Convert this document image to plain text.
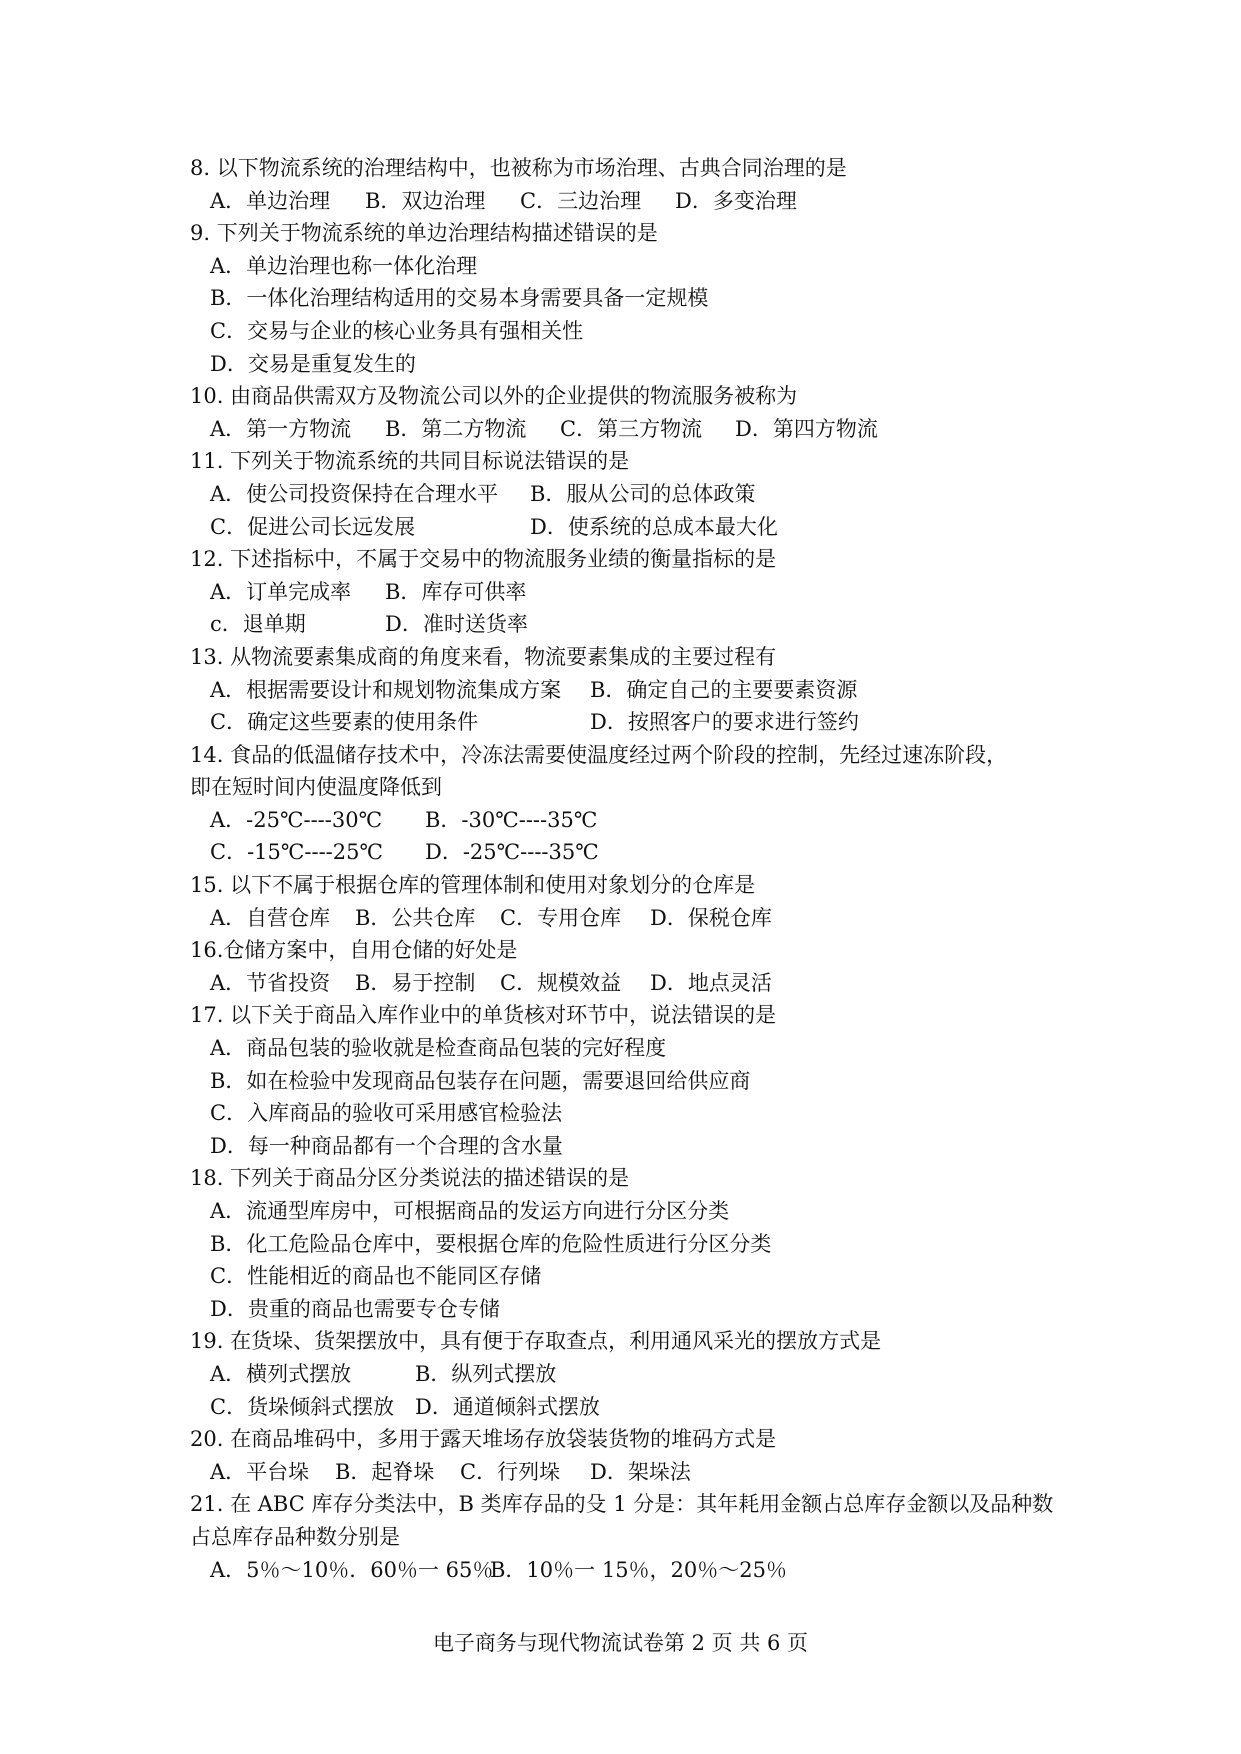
8. 以下物流系统的治理结构中，也被称为市场治理、古典合同治理的是
A．单边治理	B．双边治理	C．三边治理	D．多变治理
9. 下列关于物流系统的单边治理结构描述错误的是
A．单边治理也称一体化治理
B．一体化治理结构适用的交易本身需要具备一定规模
C．交易与企业的核心业务具有强相关性
D．交易是重复发生的
10. 由商品供需双方及物流公司以外的企业提供的物流服务被称为
A．第一方物流	B．第二方物流	C．第三方物流	D．第四方物流
11. 下列关于物流系统的共同目标说法错误的是
A．使公司投资保持在合理水平	B．服从公司的总体政策
C．促进公司长远发展	D．使系统的总成本最大化
12. 下述指标中，不属于交易中的物流服务业绩的衡量指标的是
A．订单完成率	B．库存可供率
c．退单期	D．准时送货率
13. 从物流要素集成商的角度来看，物流要素集成的主要过程有
A．根据需要设计和规划物流集成方案	B．确定自己的主要要素资源
C．确定这些要素的使用条件	D．按照客户的要求进行签约
14. 食品的低温储存技术中，冷冻法需要使温度经过两个阶段的控制，先经过速冻阶段，
即在短时间内使温度降低到
A．-25℃----30℃	B．-30℃----35℃
C．-15℃----25℃	D．-25℃----35℃
15. 以下不属于根据仓库的管理体制和使用对象划分的仓库是
A．自营仓库	B．公共仓库	C．专用仓库	D．保税仓库
16.仓储方案中，自用仓储的好处是
A．节省投资	B．易于控制	C．规模效益	D．地点灵活
17. 以下关于商品入库作业中的单货核对环节中，说法错误的是
A．商品包装的验收就是检查商品包装的完好程度
B．如在检验中发现商品包装存在问题，需要退回给供应商
C．入库商品的验收可采用感官检验法
D．每一种商品都有一个合理的含水量
18. 下列关于商品分区分类说法的描述错误的是
A．流通型库房中，可根据商品的发运方向进行分区分类
B．化工危险品仓库中，要根据仓库的危险性质进行分区分类
C．性能相近的商品也不能同区存储
D．贵重的商品也需要专仓专储
19. 在货垛、货架摆放中，具有便于存取查点，利用通风采光的摆放方式是
A．横列式摆放	B．纵列式摆放
C．货垛倾斜式摆放 D．通道倾斜式摆放
20. 在商品堆码中，多用于露天堆场存放袋装货物的堆码方式是
A．平台垛	B．起脊垛	C．行列垛	D．架垛法
21. 在 ABC 库存分类法中，B 类库存品的殳 1 分是：其年耗用金额占总库存金额以及品种数
占总库存品种数分别是
A．5％～10％．60％一 65％
B．10％一 15％，20％～25％
电子商务与现代物流试卷第 2 页 共 6 页
